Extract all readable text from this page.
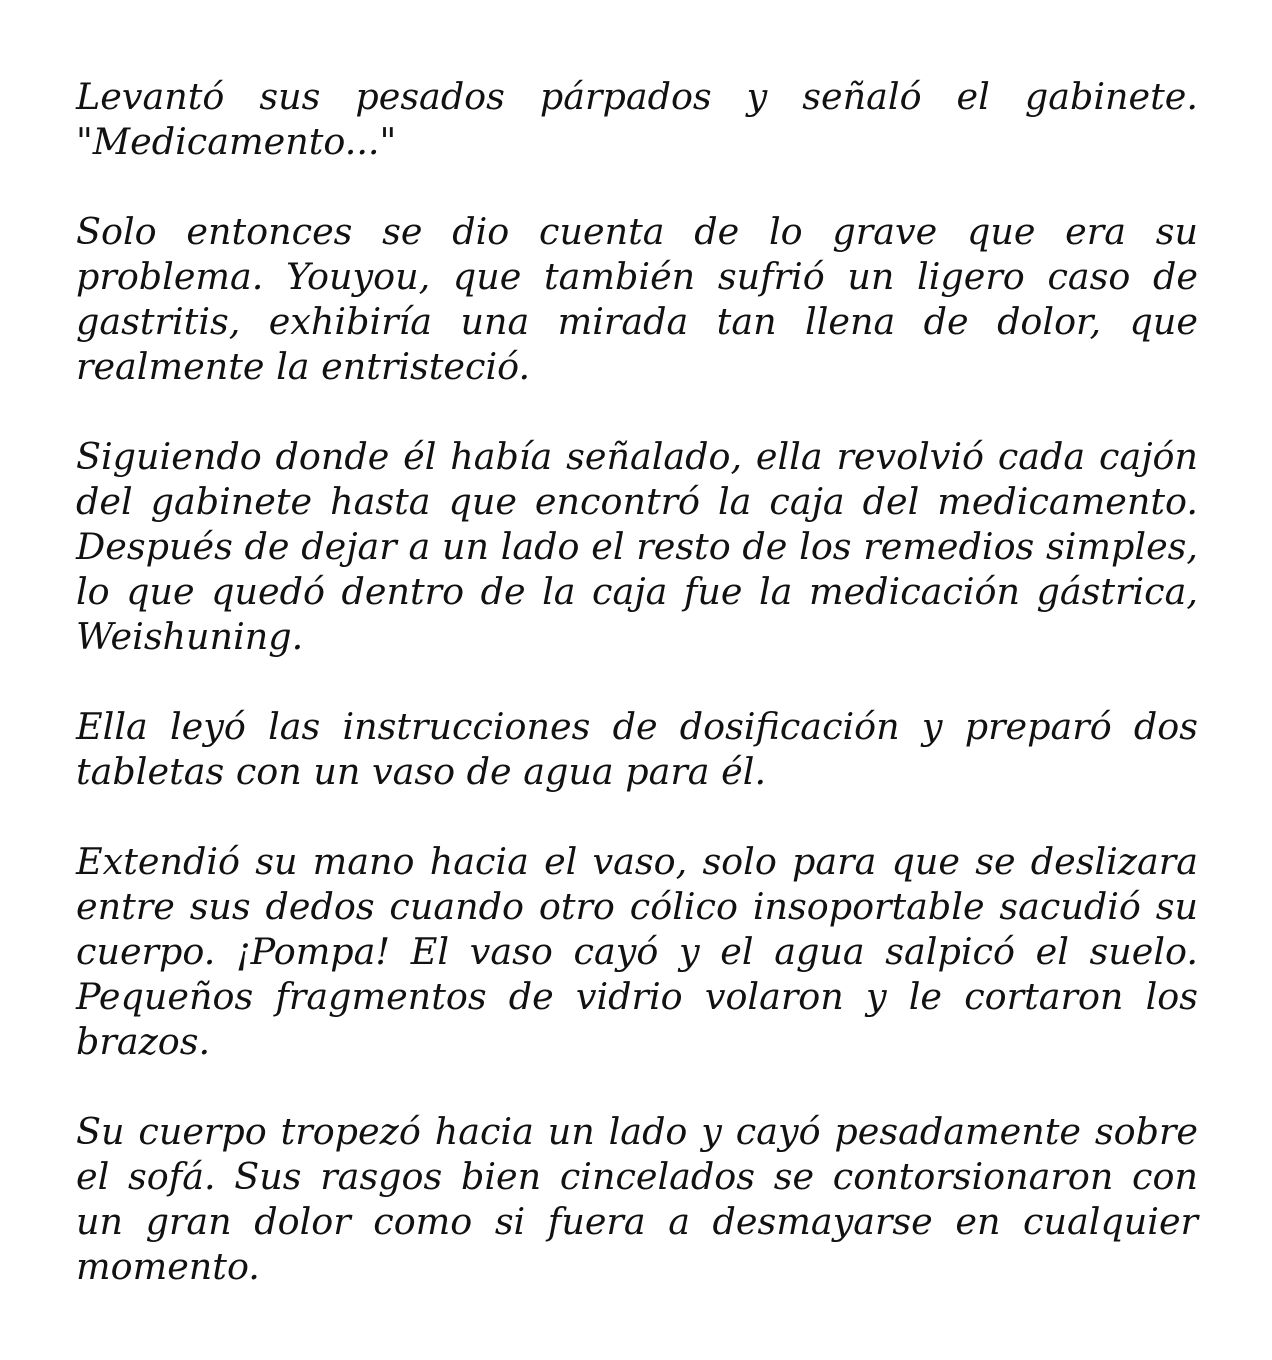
Levantó sus pesados párpados y señaló el gabinete. "Medicamento..."

Solo entonces se dio cuenta de lo grave que era su problema. Youyou, que también sufrió un ligero caso de gastritis, exhibiría una mirada tan llena de dolor, que realmente la entristeció.

Siguiendo donde él había señalado, ella revolvió cada cajón del gabinete hasta que encontró la caja del medicamento. Después de dejar a un lado el resto de los remedios simples, lo que quedó dentro de la caja fue la medicación gástrica, Weishuning.

Ella leyó las instrucciones de dosificación y preparó dos tabletas con un vaso de agua para él.

Extendió su mano hacia el vaso, solo para que se deslizara entre sus dedos cuando otro cólico insoportable sacudió su cuerpo. ¡Pompa! El vaso cayó y el agua salpicó el suelo. Pequeños fragmentos de vidrio volaron y le cortaron los brazos.

Su cuerpo tropezó hacia un lado y cayó pesadamente sobre el sofá. Sus rasgos bien cincelados se contorsionaron con un gran dolor como si fuera a desmayarse en cualquier momento.
